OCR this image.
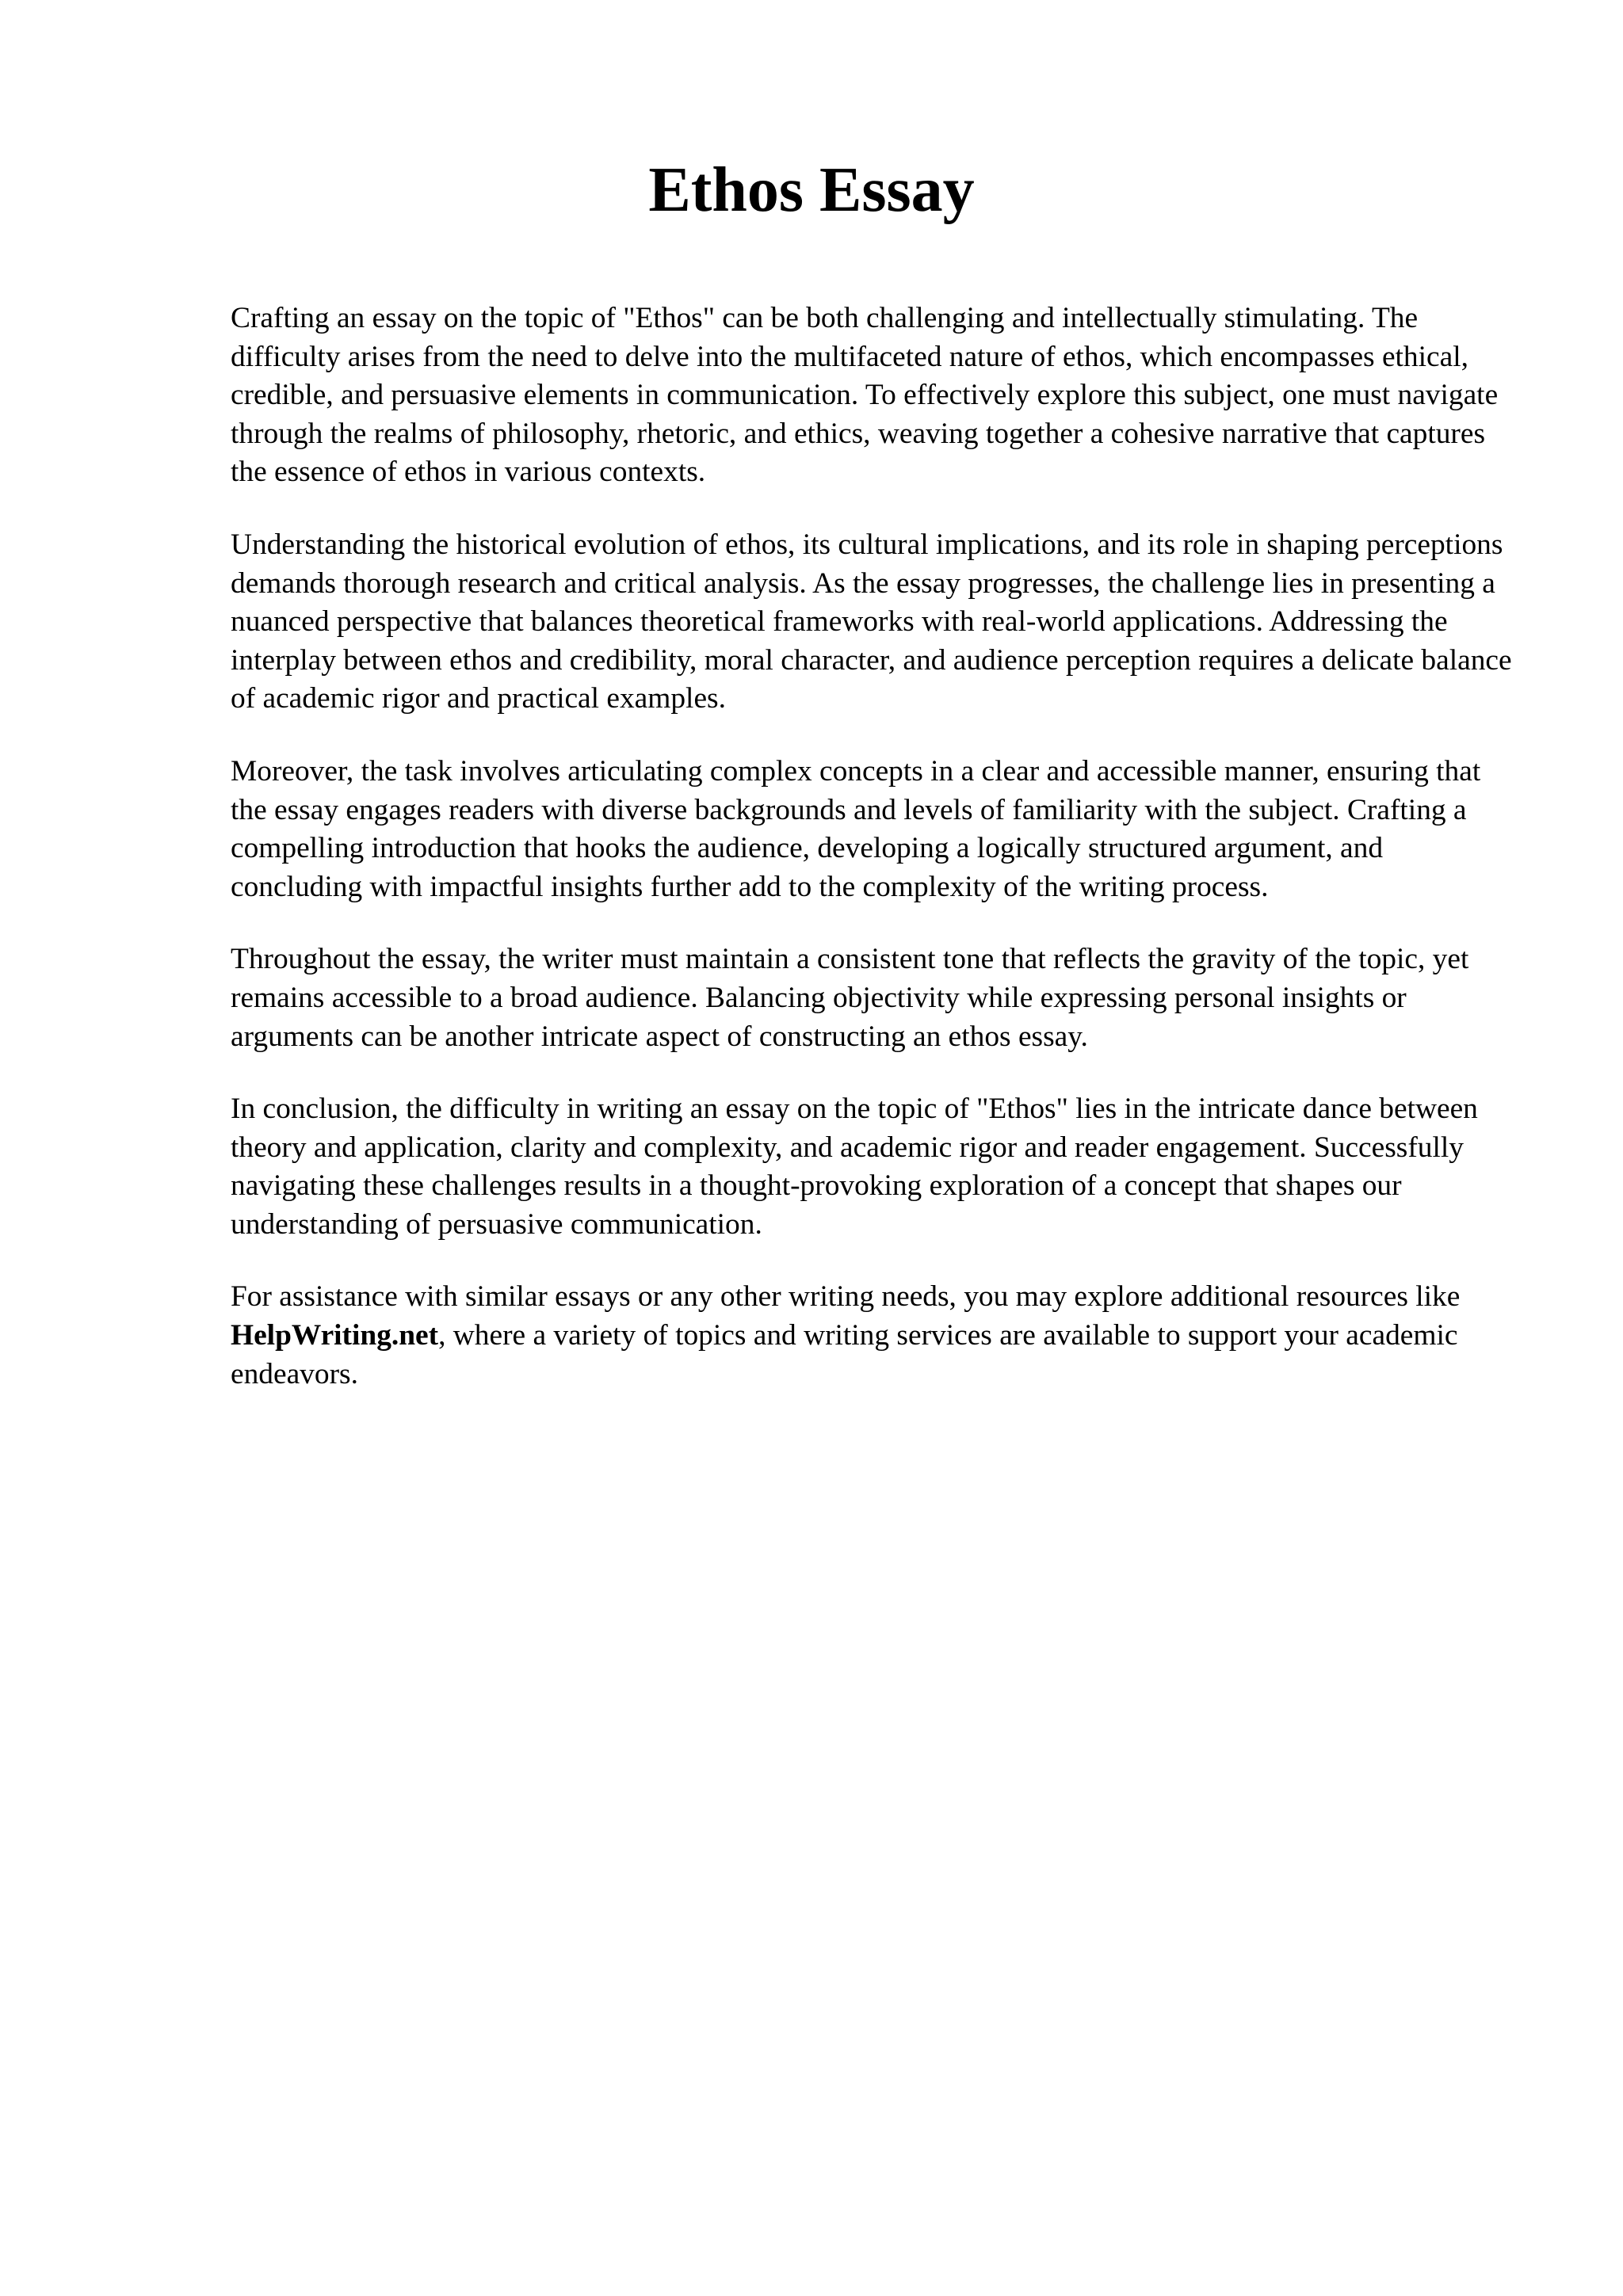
Ethos Essay

Crafting an essay on the topic of "Ethos" can be both challenging and intellectually stimulating. The difficulty arises from the need to delve into the multifaceted nature of ethos, which encompasses ethical, credible, and persuasive elements in communication. To effectively explore this subject, one must navigate through the realms of philosophy, rhetoric, and ethics, weaving together a cohesive narrative that captures the essence of ethos in various contexts.

Understanding the historical evolution of ethos, its cultural implications, and its role in shaping perceptions demands thorough research and critical analysis. As the essay progresses, the challenge lies in presenting a nuanced perspective that balances theoretical frameworks with real-world applications. Addressing the interplay between ethos and credibility, moral character, and audience perception requires a delicate balance of academic rigor and practical examples.

Moreover, the task involves articulating complex concepts in a clear and accessible manner, ensuring that the essay engages readers with diverse backgrounds and levels of familiarity with the subject. Crafting a compelling introduction that hooks the audience, developing a logically structured argument, and concluding with impactful insights further add to the complexity of the writing process.

Throughout the essay, the writer must maintain a consistent tone that reflects the gravity of the topic, yet remains accessible to a broad audience. Balancing objectivity while expressing personal insights or arguments can be another intricate aspect of constructing an ethos essay.

In conclusion, the difficulty in writing an essay on the topic of "Ethos" lies in the intricate dance between theory and application, clarity and complexity, and academic rigor and reader engagement. Successfully navigating these challenges results in a thought-provoking exploration of a concept that shapes our understanding of persuasive communication.

For assistance with similar essays or any other writing needs, you may explore additional resources like HelpWriting.net, where a variety of topics and writing services are available to support your academic endeavors.
